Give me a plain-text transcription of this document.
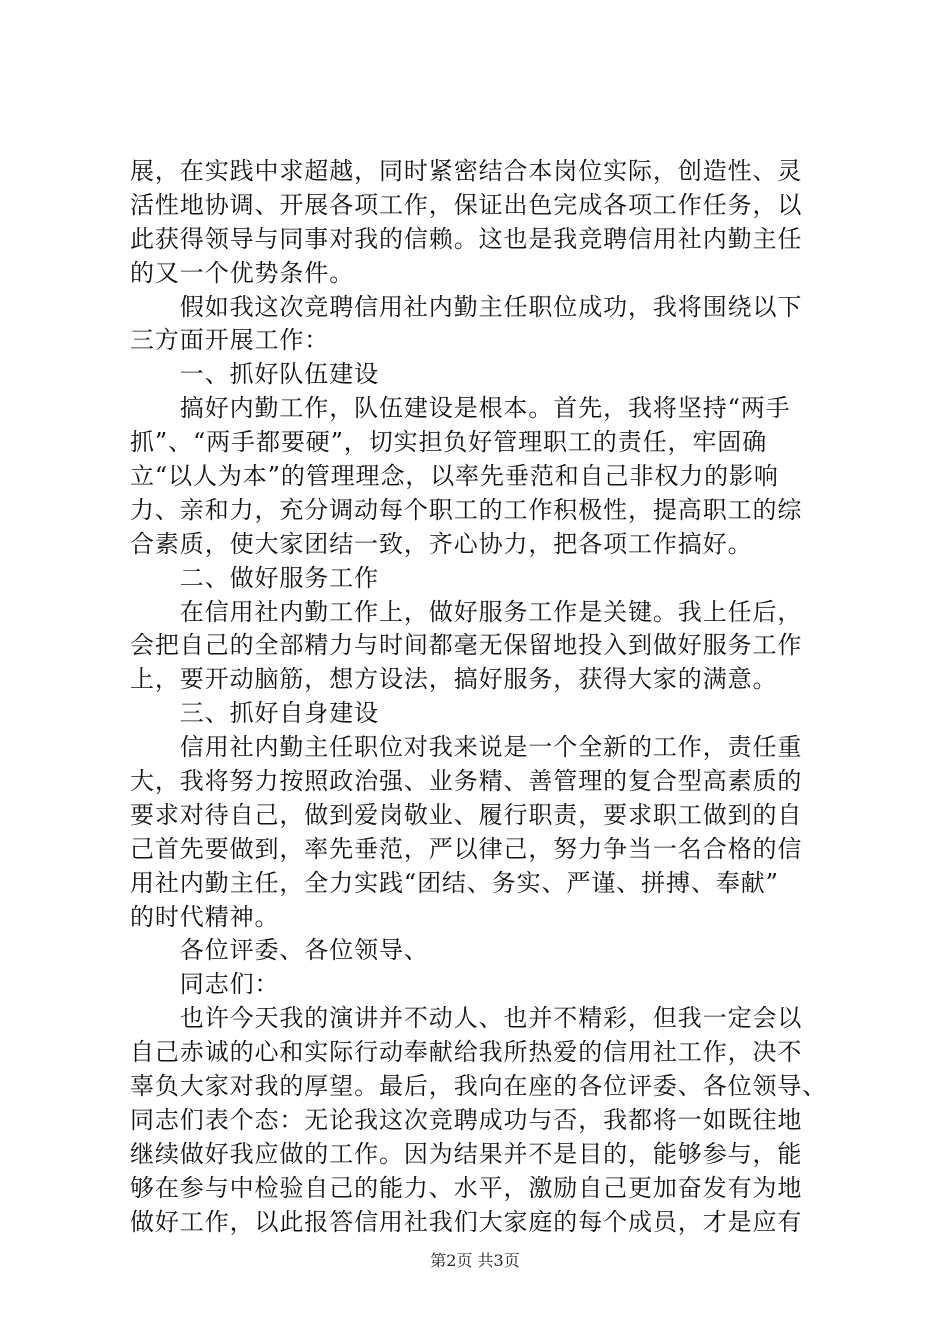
展，在实践中求超越，同时紧密结合本岗位实际，创造性、灵
活性地协调、开展各项工作，保证出色完成各项工作任务，以
此获得领导与同事对我的信赖。这也是我竞聘信用社内勤主任
的又一个优势条件。
　　假如我这次竞聘信用社内勤主任职位成功，我将围绕以下
三方面开展工作：
　　一、抓好队伍建设
　　搞好内勤工作，队伍建设是根本。首先，我将坚持“两手
抓”、“两手都要硬”，切实担负好管理职工的责任，牢固确
立“以人为本”的管理理念，以率先垂范和自己非权力的影响
力、亲和力，充分调动每个职工的工作积极性，提高职工的综
合素质，使大家团结一致，齐心协力，把各项工作搞好。
　　二、做好服务工作
　　在信用社内勤工作上，做好服务工作是关键。我上任后，
会把自己的全部精力与时间都毫无保留地投入到做好服务工作
上，要开动脑筋，想方设法，搞好服务，获得大家的满意。
　　三、抓好自身建设
　　信用社内勤主任职位对我来说是一个全新的工作，责任重
大，我将努力按照政治强、业务精、善管理的复合型高素质的
要求对待自己，做到爱岗敬业、履行职责，要求职工做到的自
己首先要做到，率先垂范，严以律己，努力争当一名合格的信
用社内勤主任，全力实践“团结、务实、严谨、拼搏、奉献”
的时代精神。
　　各位评委、各位领导、
　　同志们：
　　也许今天我的演讲并不动人、也并不精彩，但我一定会以
自己赤诚的心和实际行动奉献给我所热爱的信用社工作，决不
辜负大家对我的厚望。最后，我向在座的各位评委、各位领导、
同志们表个态：无论我这次竞聘成功与否，我都将一如既往地
继续做好我应做的工作。因为结果并不是目的，能够参与，能
够在参与中检验自己的能力、水平，激励自己更加奋发有为地
做好工作，以此报答信用社我们大家庭的每个成员，才是应有
第2页 共3页
